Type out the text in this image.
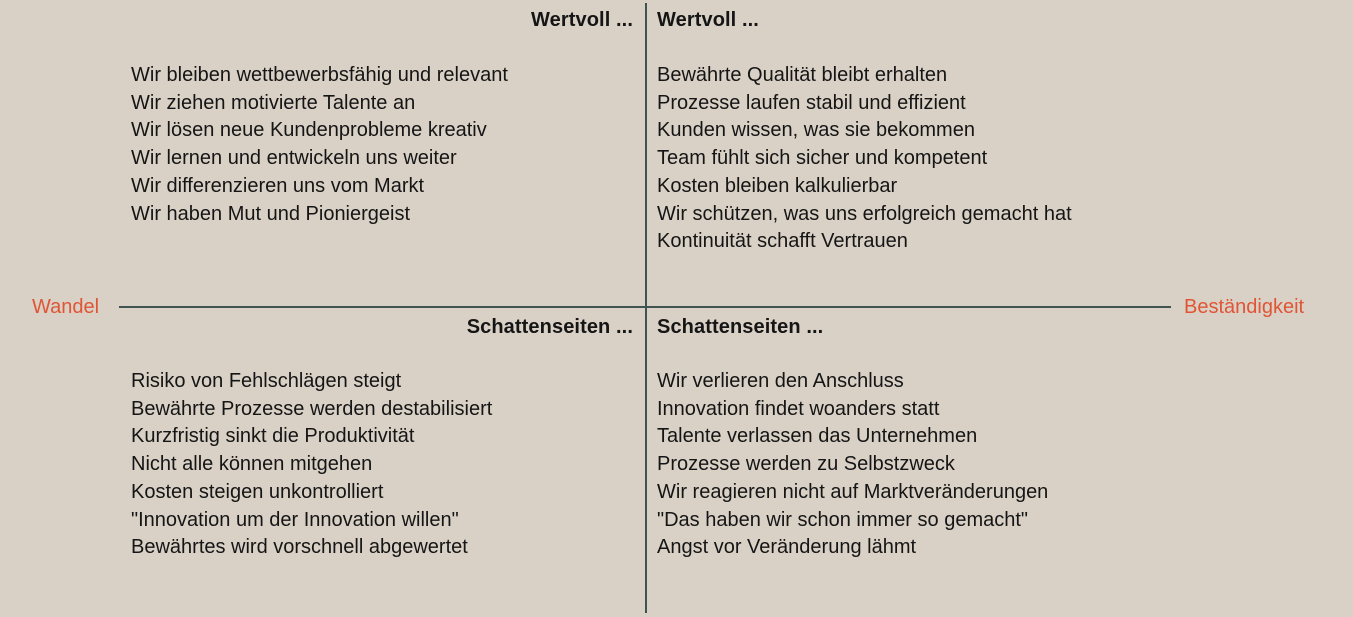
Wandel	Beständigkeit
Wertvoll ... Wertvoll ...
Schattenseiten ... Schattenseiten ...
Wir bleiben wettbewerbsfähig und relevant
Wir ziehen motivierte Talente an
Wir lösen neue Kundenprobleme kreativ
Wir lernen und entwickeln uns weiter
Wir differenzieren uns vom Markt
Wir haben Mut und Pioniergeist
Bewährte Qualität bleibt erhalten
Prozesse laufen stabil und effizient
Kunden wissen, was sie bekommen
Team fühlt sich sicher und kompetent
Kosten bleiben kalkulierbar
Wir schützen, was uns erfolgreich gemacht hat
Kontinuität schafft Vertrauen
Risiko von Fehlschlägen steigt
Bewährte Prozesse werden destabilisiert
Kurzfristig sinkt die Produktivität
Nicht alle können mitgehen
Kosten steigen unkontrolliert
"Innovation um der Innovation willen"
Bewährtes wird vorschnell abgewertet
Wir verlieren den Anschluss
Innovation findet woanders statt
Talente verlassen das Unternehmen
Prozesse werden zu Selbstzweck
Wir reagieren nicht auf Marktveränderungen
"Das haben wir schon immer so gemacht"
Angst vor Veränderung lähmt
